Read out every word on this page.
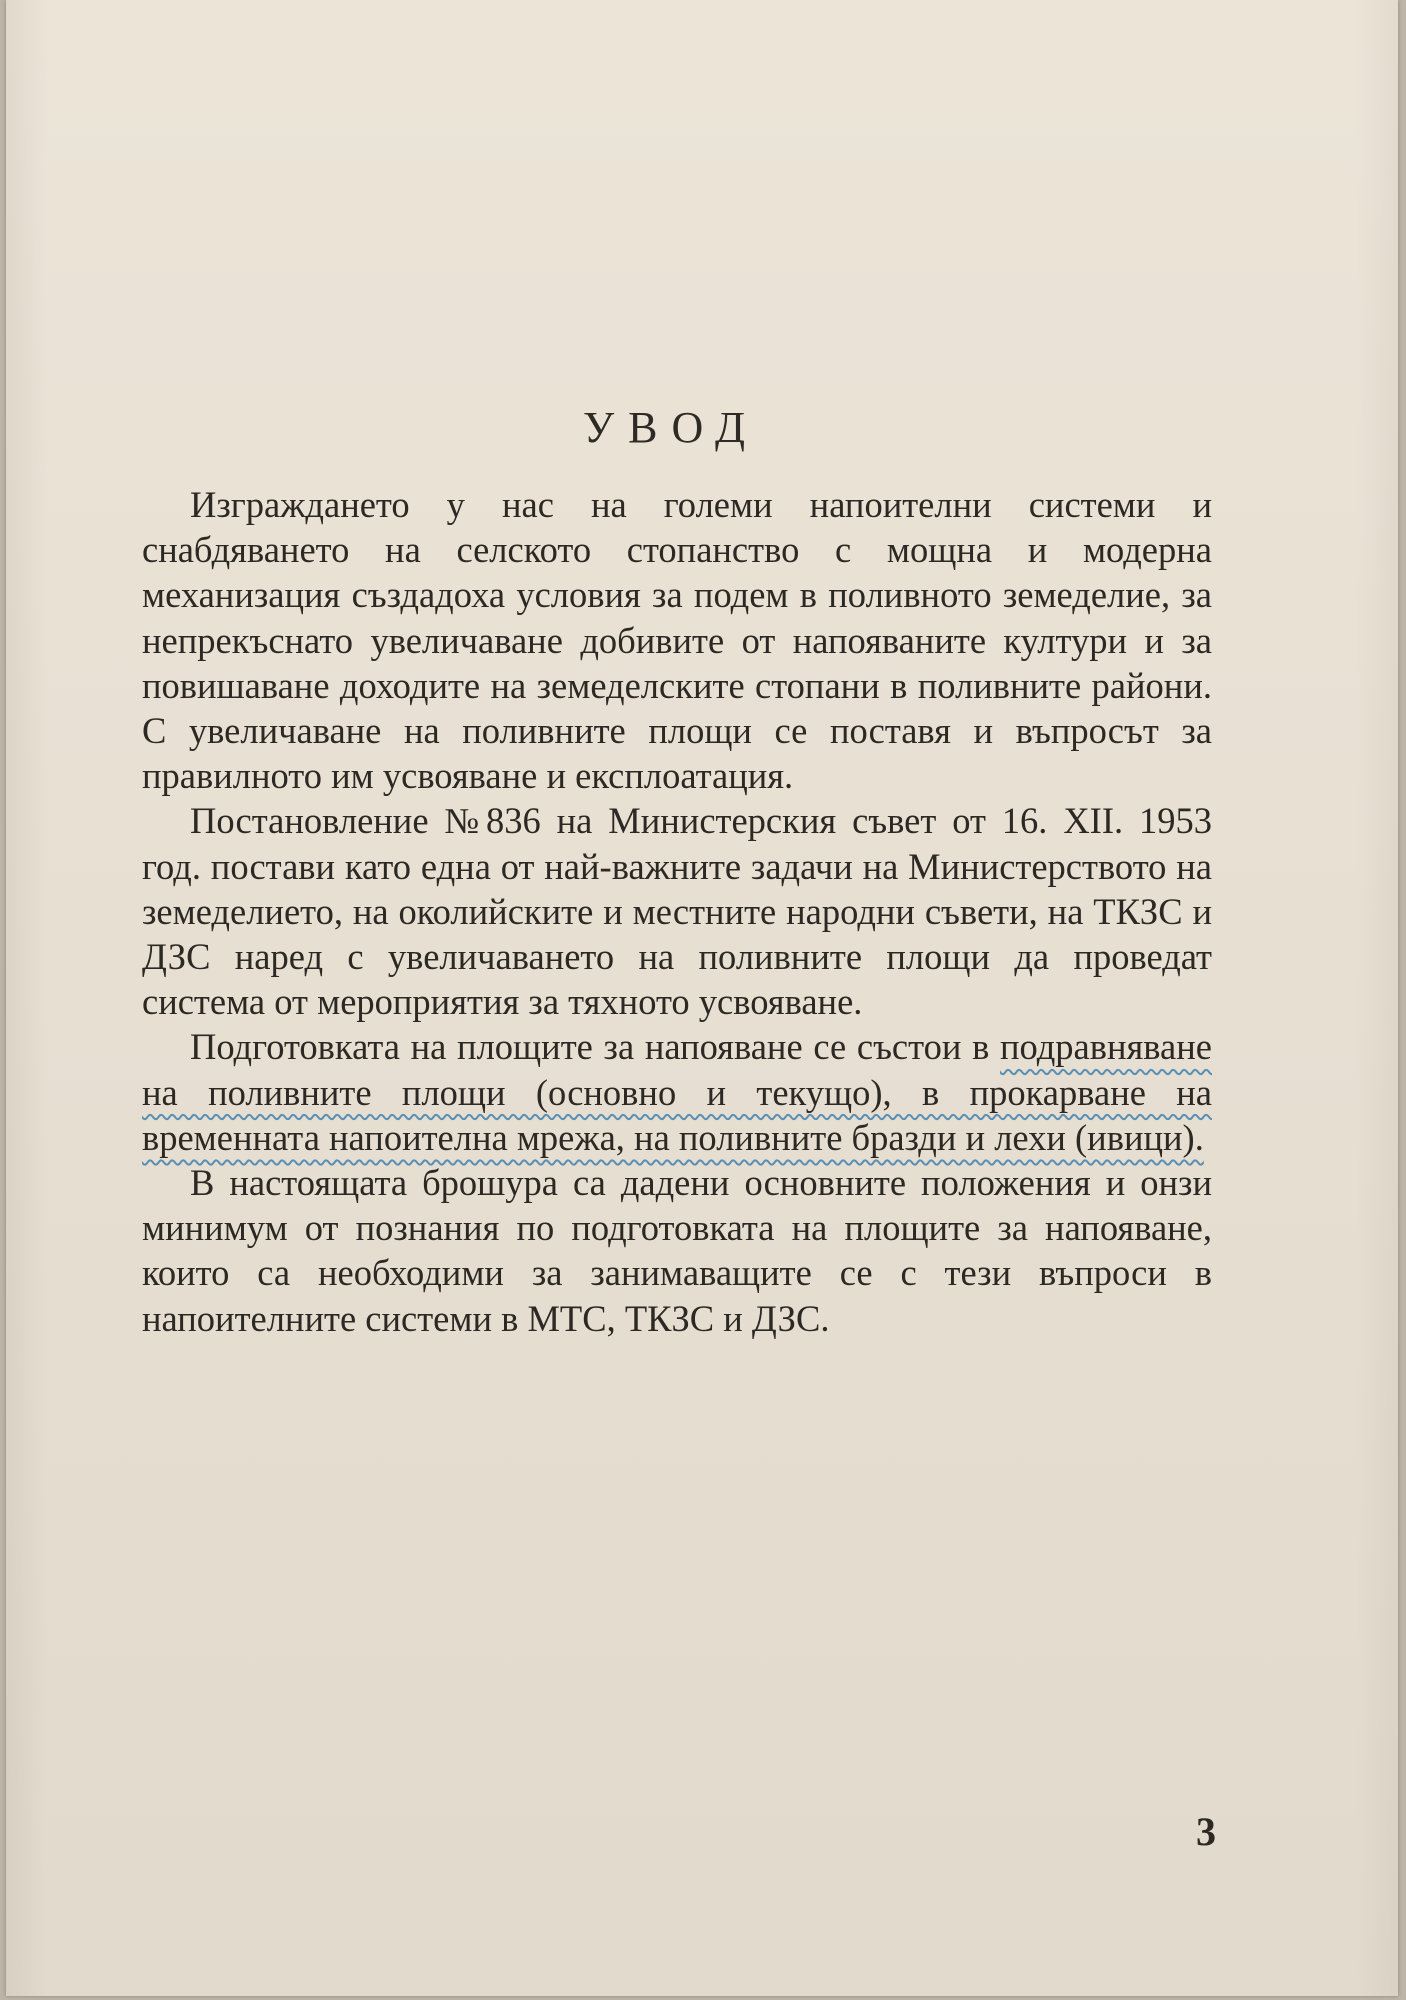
УВОД

Изграждането у нас на големи напоителни системи и снабдяването на селското стопанство с мощна и модерна механизация създадоха условия за подем в поливното земеделие, за непрекъснато увеличаване добивите от напояваните култури и за повишаване доходите на земеделските стопани в поливните райони. С увеличаване на поливните площи се поставя и въпросът за правилното им усвояване и експлоатация.

Постановление №836 на Министерския съвет от 16. XII. 1953 год. постави като една от най-важните задачи на Министерството на земеделието, на околийските и местните народни съвети, на ТКЗС и ДЗС наред с увеличаването на поливните площи да проведат система от мероприятия за тяхното усвояване.

Подготовката на площите за напояване се състои в подравняване на поливните площи (основно и текущо), в прокарване на временната напоителна мрежа, на поливните бразди и лехи (ивици).

В настоящата брошура са дадени основните положения и онзи минимум от познания по подготовката на площите за напояване, които са необходими за занимаващите се с тези въпроси в напоителните системи в МТС, ТКЗС и ДЗС.

3
